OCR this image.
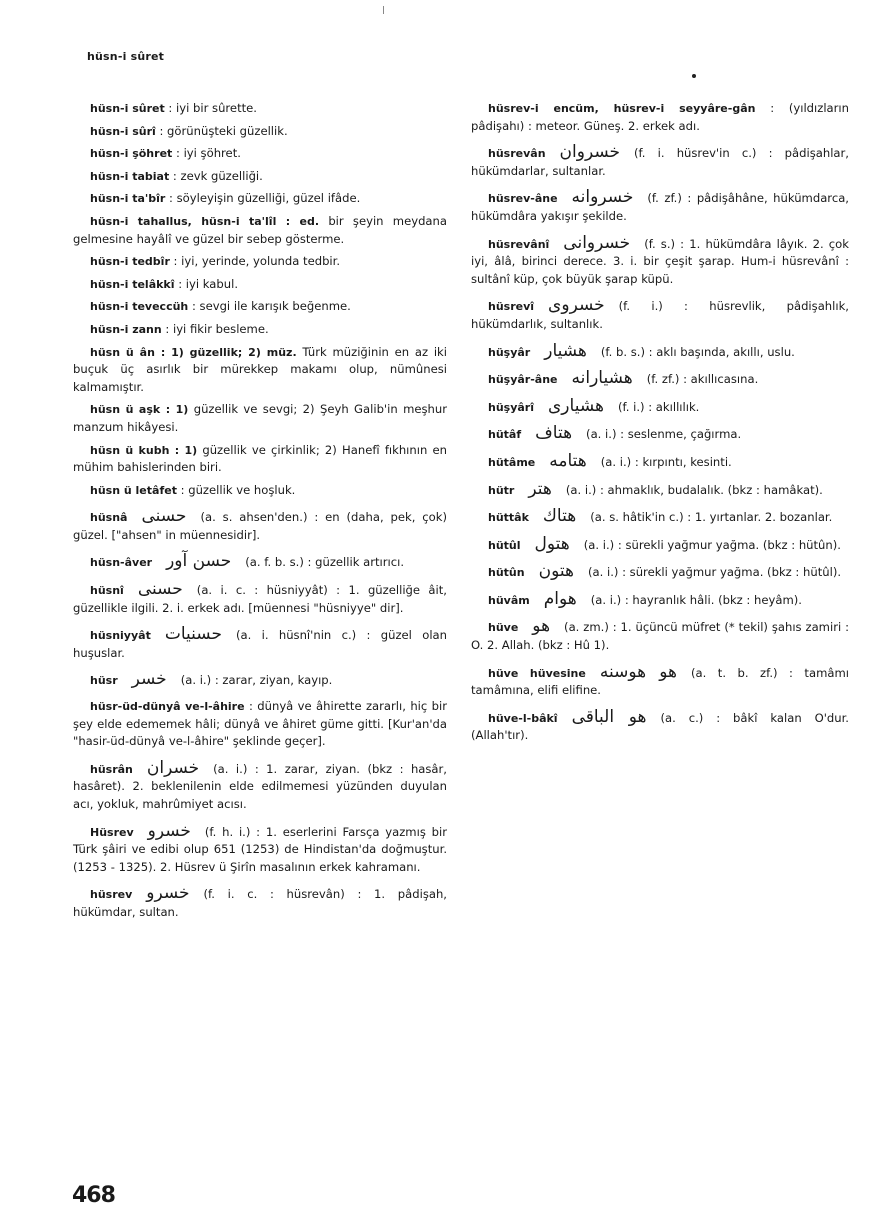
hüsn-i sûret

hüsn-i sûret : iyi bir sûrette.

hüsn-i sûrî : görünüşteki güzellik.

hüsn-i şöhret : iyi şöhret.

hüsn-i tabiat : zevk güzelliği.

hüsn-i ta'bîr : söyleyişin güzelliği, güzel ifâde.

hüsn-i tahallus, hüsn-i ta'lîl : ed. bir şeyin meydana gelmesine hayâlî ve güzel bir sebep gösterme.

hüsn-i tedbîr : iyi, yerinde, yolunda tedbir.

hüsn-i telâkkî : iyi kabul.

hüsn-i teveccüh : sevgi ile karışık beğenme.

hüsn-i zann : iyi fikir besleme.

hüsn ü ân : 1) güzellik; 2) müz. Türk müziğinin en az iki buçuk üç asırlık bir mürekkep makamı olup, nümûnesi kalmamıştır.

hüsn ü aşk : 1) güzellik ve sevgi; 2) Şeyh Galib'in meşhur manzum hikâyesi.

hüsn ü kubh : 1) güzellik ve çirkinlik; 2) Hanefî fıkhının en mühim bahislerinden biri.

hüsn ü letâfet : güzellik ve hoşluk.

hüsnâ حسنى (a. s. ahsen'den.) : en (daha, pek, çok) güzel. ["ahsen" in müennesidir].

hüsn-âver حسن آور (a. f. b. s.) : güzellik artırıcı.

hüsnî حسنى (a. i. c. : hüsniyyât) : 1. güzelliğe âit, güzellikle ilgili. 2. i. erkek adı. [müennesi "hüsniyye" dir].

hüsniyyât حسنيات (a. i. hüsnî'nin c.) : güzel olan huşuslar.

hüsr خسر (a. i.) : zarar, ziyan, kayıp.

hüsr-üd-dünyâ ve-l-âhire : dünyâ ve âhirette zararlı, hiç bir şey elde edememek hâli; dünyâ ve âhiret güme gitti. [Kur'an'da "hasir-üd-dünyâ ve-l-âhire" şeklinde geçer].

hüsrân خسران (a. i.) : 1. zarar, ziyan. (bkz : hasâr, hasâret). 2. beklenilenin elde edilmemesi yüzünden duyulan acı, yokluk, mahrûmiyet acısı.

Hüsrev خسرو (f. h. i.) : 1. eserlerini Farsça yazmış bir Türk şâiri ve edibi olup 651 (1253) de Hindistan'da doğmuştur. (1253 - 1325). 2. Hüsrev ü Şirîn masalının erkek kahramanı.

hüsrev خسرو (f. i. c. : hüsrevân) : 1. pâdişah, hükümdar, sultan.

hüsrev-i encüm, hüsrev-i seyyâre-gân : (yıldızların pâdişahı) : meteor. Güneş. 2. erkek adı.

hüsrevân خسروان (f. i. hüsrev'in c.) : pâdişahlar, hükümdarlar, sultanlar.

hüsrev-âne خسروانه (f. zf.) : pâdişâhâne, hükümdarca, hükümdâra yakışır şekilde.

hüsrevânî خسروانى (f. s.) : 1. hükümdâra lâyık. 2. çok iyi, âlâ, birinci derece. 3. i. bir çeşit şarap. Hum-i hüsrevânî : sultânî küp, çok büyük şarap küpü.

hüsrevî خسروى (f. i.) : hüsrevlik, pâdişahlık, hükümdarlık, sultanlık.

hüşyâr هشيار (f. b. s.) : aklı başında, akıllı, uslu.

hüşyâr-âne هشيارانه (f. zf.) : akıllıcasına.

hüşyârî هشيارى (f. i.) : akıllılık.

hütâf هتاف (a. i.) : seslenme, çağırma.

hütâme هتامه (a. i.) : kırpıntı, kesinti.

hütr هتر (a. i.) : ahmaklık, budalalık. (bkz : hamâkat).

hüttâk هتاك (a. s. hâtik'in c.) : 1. yırtanlar. 2. bozanlar.

hütûl هتول (a. i.) : sürekli yağmur yağma. (bkz : hütûn).

hütûn هتون (a. i.) : sürekli yağmur yağma. (bkz : hütûl).

hüvâm هوام (a. i.) : hayranlık hâli. (bkz : heyâm).

hüve هو (a. zm.) : 1. üçüncü müfret (* tekil) şahıs zamiri : O. 2. Allah. (bkz : Hû 1).

hüve hüvesine هو هوسنه (a. t. b. zf.) : tamâmı tamâmına, elifi elifine.

hüve-l-bâkî هو الباقى (a. c.) : bâkî kalan O'dur. (Allah'tır).

468
